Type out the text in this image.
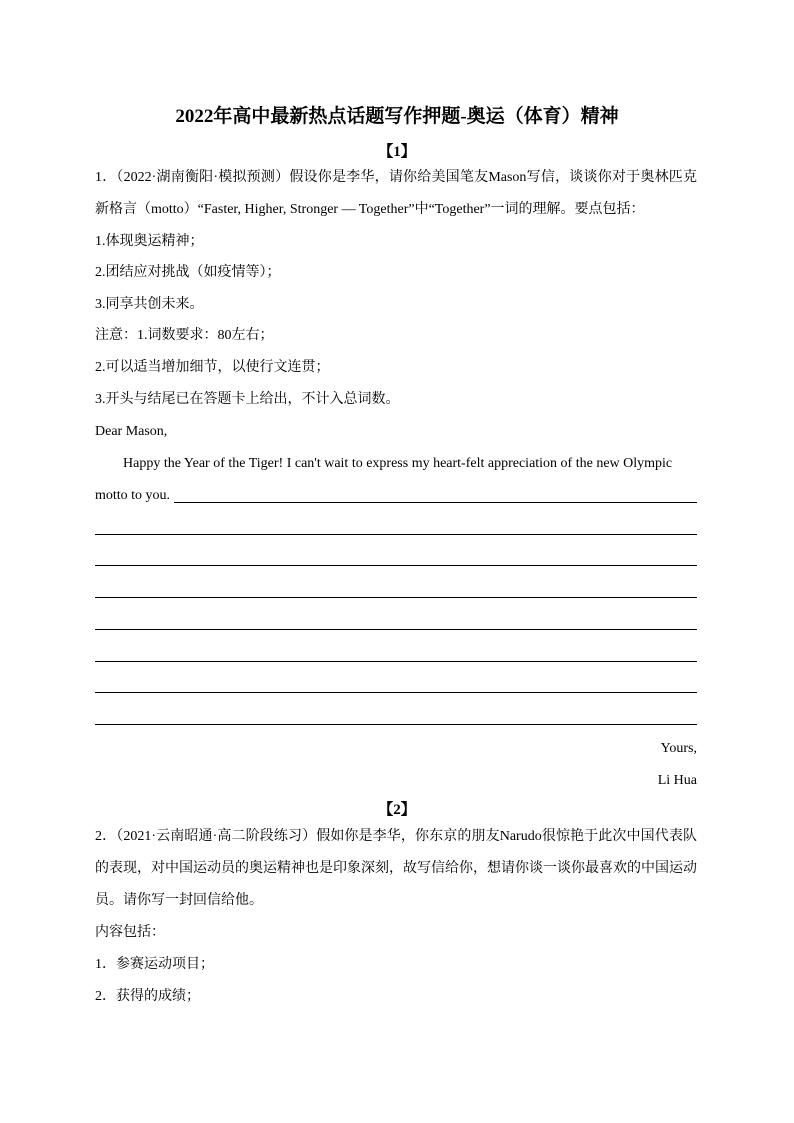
2022年高中最新热点话题写作押题-奥运（体育）精神
【1】
1．（2022·湖南衡阳·模拟预测）假设你是李华，请你给美国笔友Mason写信，谈谈你对于奥林匹克
新格言（motto）“Faster, Higher, Stronger — Together”中“Together”一词的理解。要点包括：
1.体现奥运精神；
2.团结应对挑战（如疫情等）；
3.同享共创未来。
注意：1.词数要求：80左右；
2.可以适当增加细节，以使行文连贯；
3.开头与结尾已在答题卡上给出，不计入总词数。
Dear Mason,
Happy the Year of the Tiger! I can't wait to express my heart-felt appreciation of the new Olympic
motto to you.
Yours,
Li Hua
【2】
2．（2021·云南昭通·高二阶段练习）假如你是李华，你东京的朋友Narudo很惊艳于此次中国代表队
的表现，对中国运动员的奥运精神也是印象深刻，故写信给你，想请你谈一谈你最喜欢的中国运动
员。请你写一封回信给他。
内容包括：
1．参赛运动项目；
2．获得的成绩；
